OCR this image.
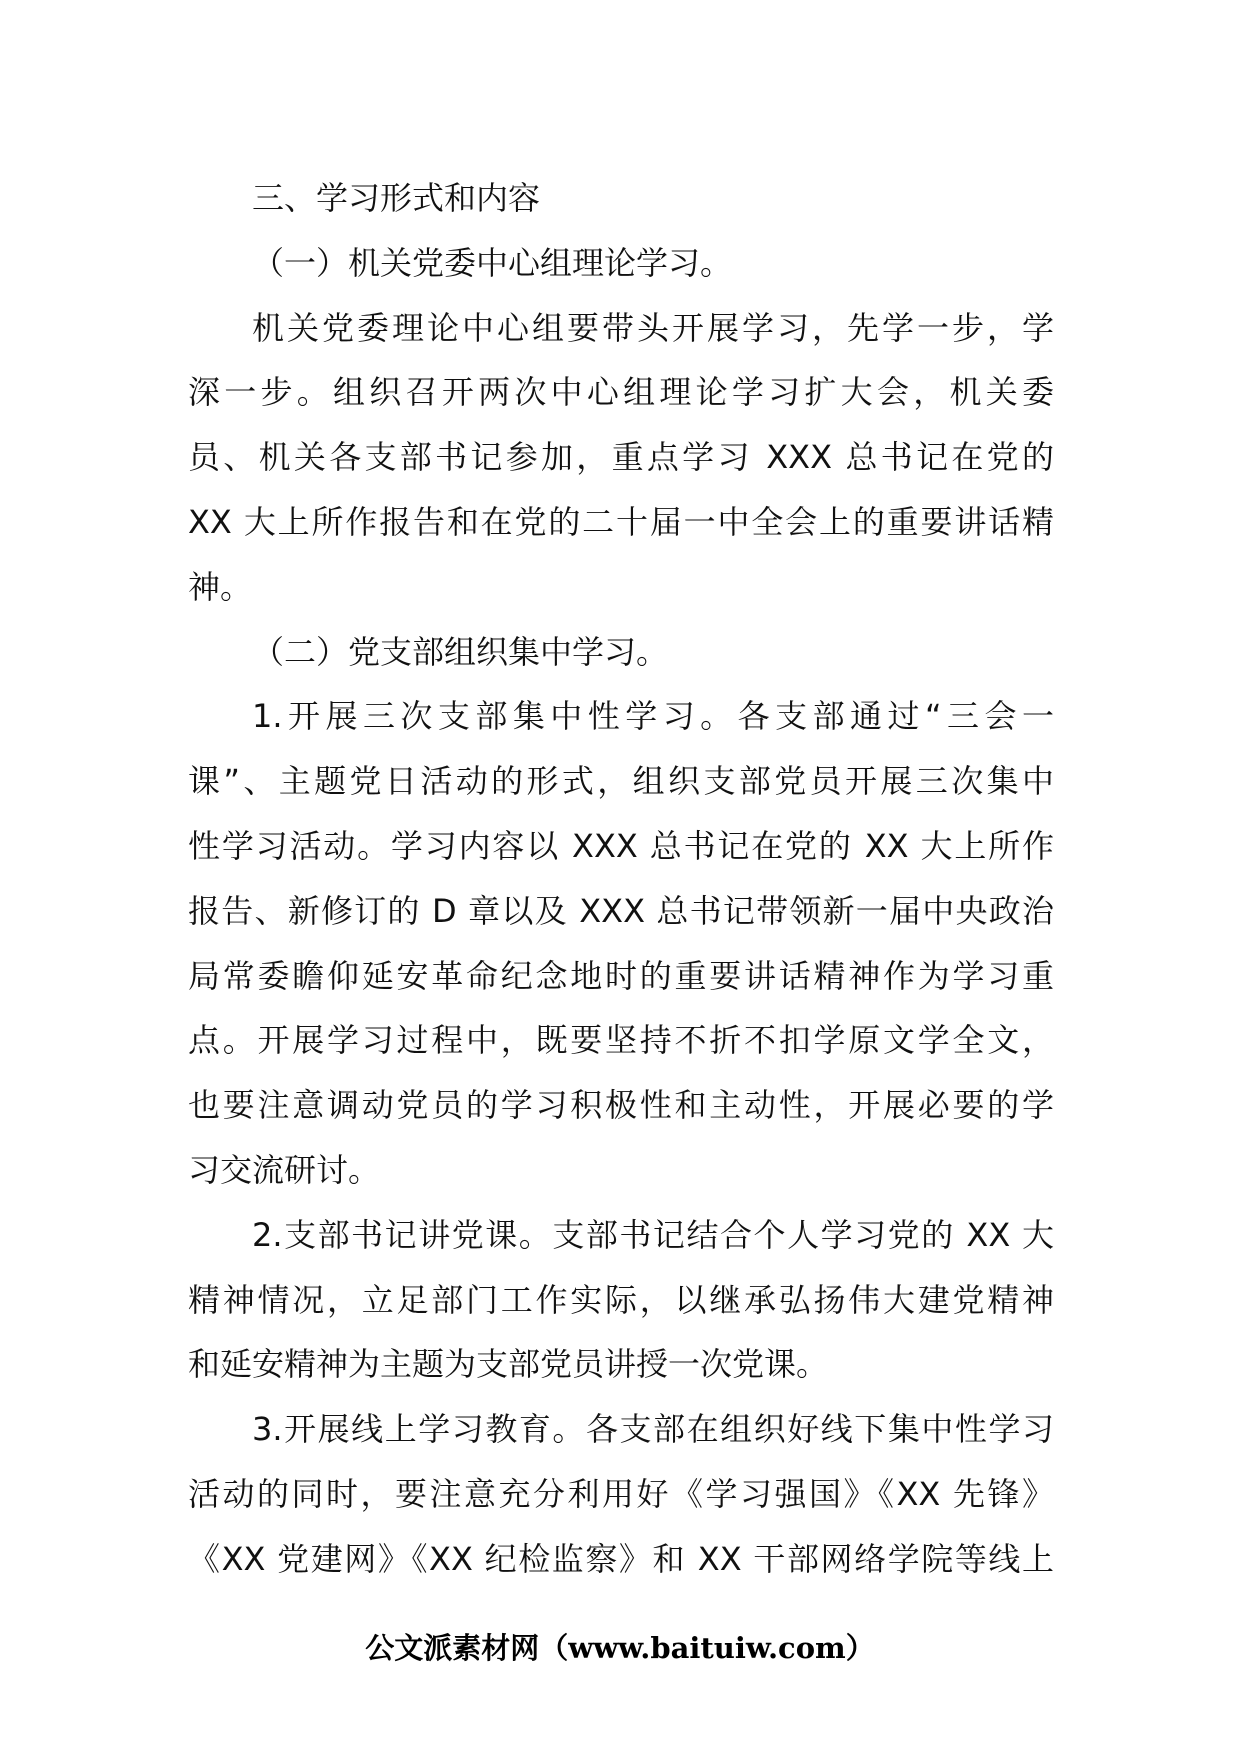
三、学习形式和内容
（一）机关党委中心组理论学习。
机关党委理论中心组要带头开展学习，先学一步，学
深一步。组织召开两次中心组理论学习扩大会，机关委
员、机关各支部书记参加，重点学习 XXX 总书记在党的
XX 大上所作报告和在党的二十届一中全会上的重要讲话精
神。
（二）党支部组织集中学习。
1.开展三次支部集中性学习。各支部通过“三会一
课”、主题党日活动的形式，组织支部党员开展三次集中
性学习活动。学习内容以 XXX 总书记在党的 XX 大上所作
报告、新修订的 D 章以及 XXX 总书记带领新一届中央政治
局常委瞻仰延安革命纪念地时的重要讲话精神作为学习重
点。开展学习过程中，既要坚持不折不扣学原文学全文，
也要注意调动党员的学习积极性和主动性，开展必要的学
习交流研讨。
2.支部书记讲党课。支部书记结合个人学习党的 XX 大
精神情况，立足部门工作实际，以继承弘扬伟大建党精神
和延安精神为主题为支部党员讲授一次党课。
3.开展线上学习教育。各支部在组织好线下集中性学习
活动的同时，要注意充分利用好《学习强国》《XX 先锋》
《XX 党建网》《XX 纪检监察》和 XX 干部网络学院等线上
公文派素材网（www.baituiw.com）
